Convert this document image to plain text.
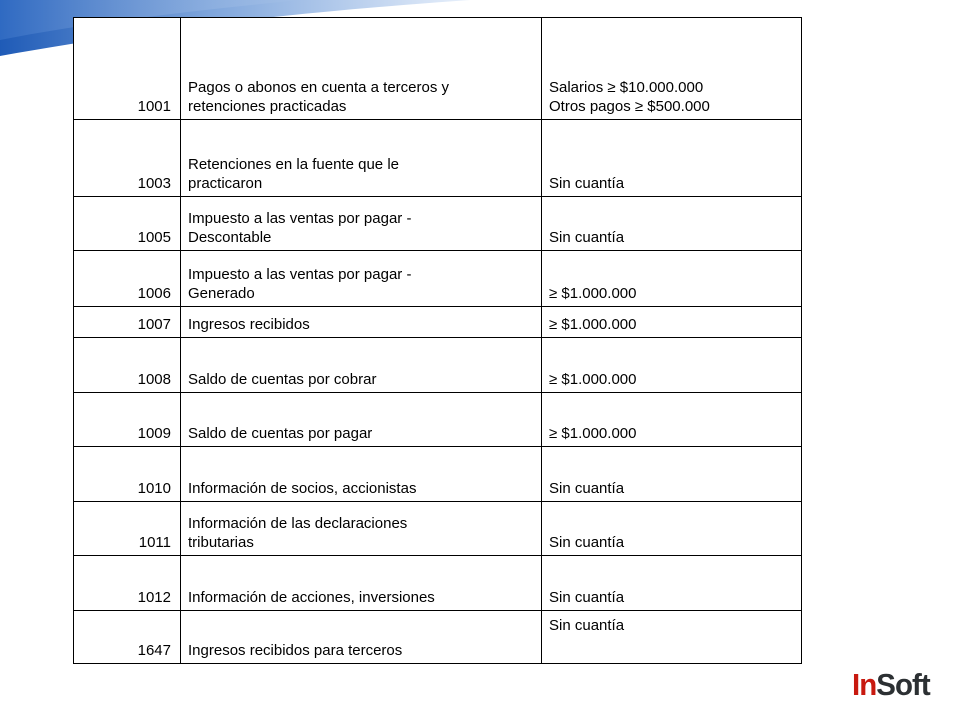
1001	Pagos o abonos en cuenta a terceros y
retenciones practicadas	Salarios ≥ $10.000.000
Otros pagos ≥ $500.000

1003	Retenciones en la fuente que le
practicaron	Sin cuantía
1005	Impuesto a las ventas por pagar -
Descontable	Sin cuantía
1006	Impuesto a las ventas por pagar -
Generado	≥ $1.000.000
1007	Ingresos recibidos	≥ $1.000.000
1008	Saldo de cuentas por cobrar	≥ $1.000.000
1009	Saldo de cuentas por pagar	≥ $1.000.000
1010	Información de socios, accionistas	Sin cuantía
1011	Información de las declaraciones
tributarias	Sin cuantía
1012	Información de acciones, inversiones	Sin cuantía
1647	Ingresos recibidos para terceros	Sin cuantía
InSoft
